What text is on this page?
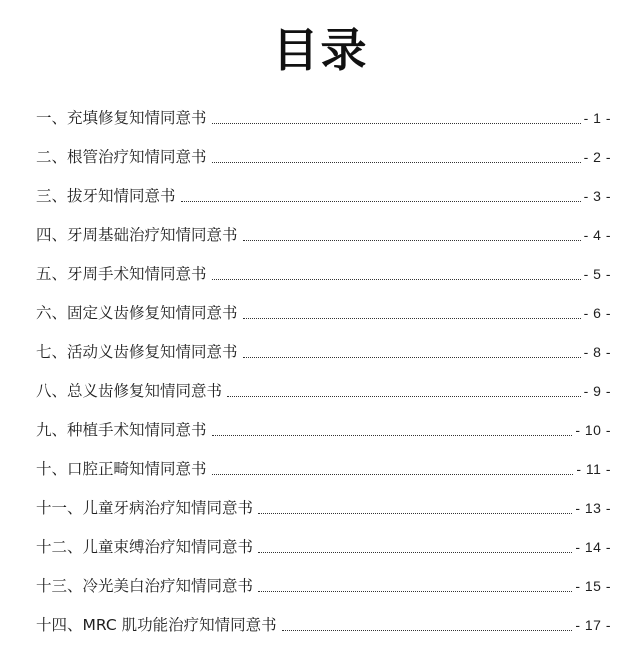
目录
一、充填修复知情同意书	- 1 -
二、根管治疗知情同意书	- 2 -
三、拔牙知情同意书	- 3 -
四、牙周基础治疗知情同意书	- 4 -
五、牙周手术知情同意书	- 5 -
六、固定义齿修复知情同意书	- 6 -
七、活动义齿修复知情同意书	- 8 -
八、总义齿修复知情同意书	- 9 -
九、种植手术知情同意书	- 10 -
十、口腔正畸知情同意书	- 11 -
十一、儿童牙病治疗知情同意书	- 13 -
十二、儿童束缚治疗知情同意书	- 14 -
十三、冷光美白治疗知情同意书	- 15 -
十四、MRC 肌功能治疗知情同意书	- 17 -
